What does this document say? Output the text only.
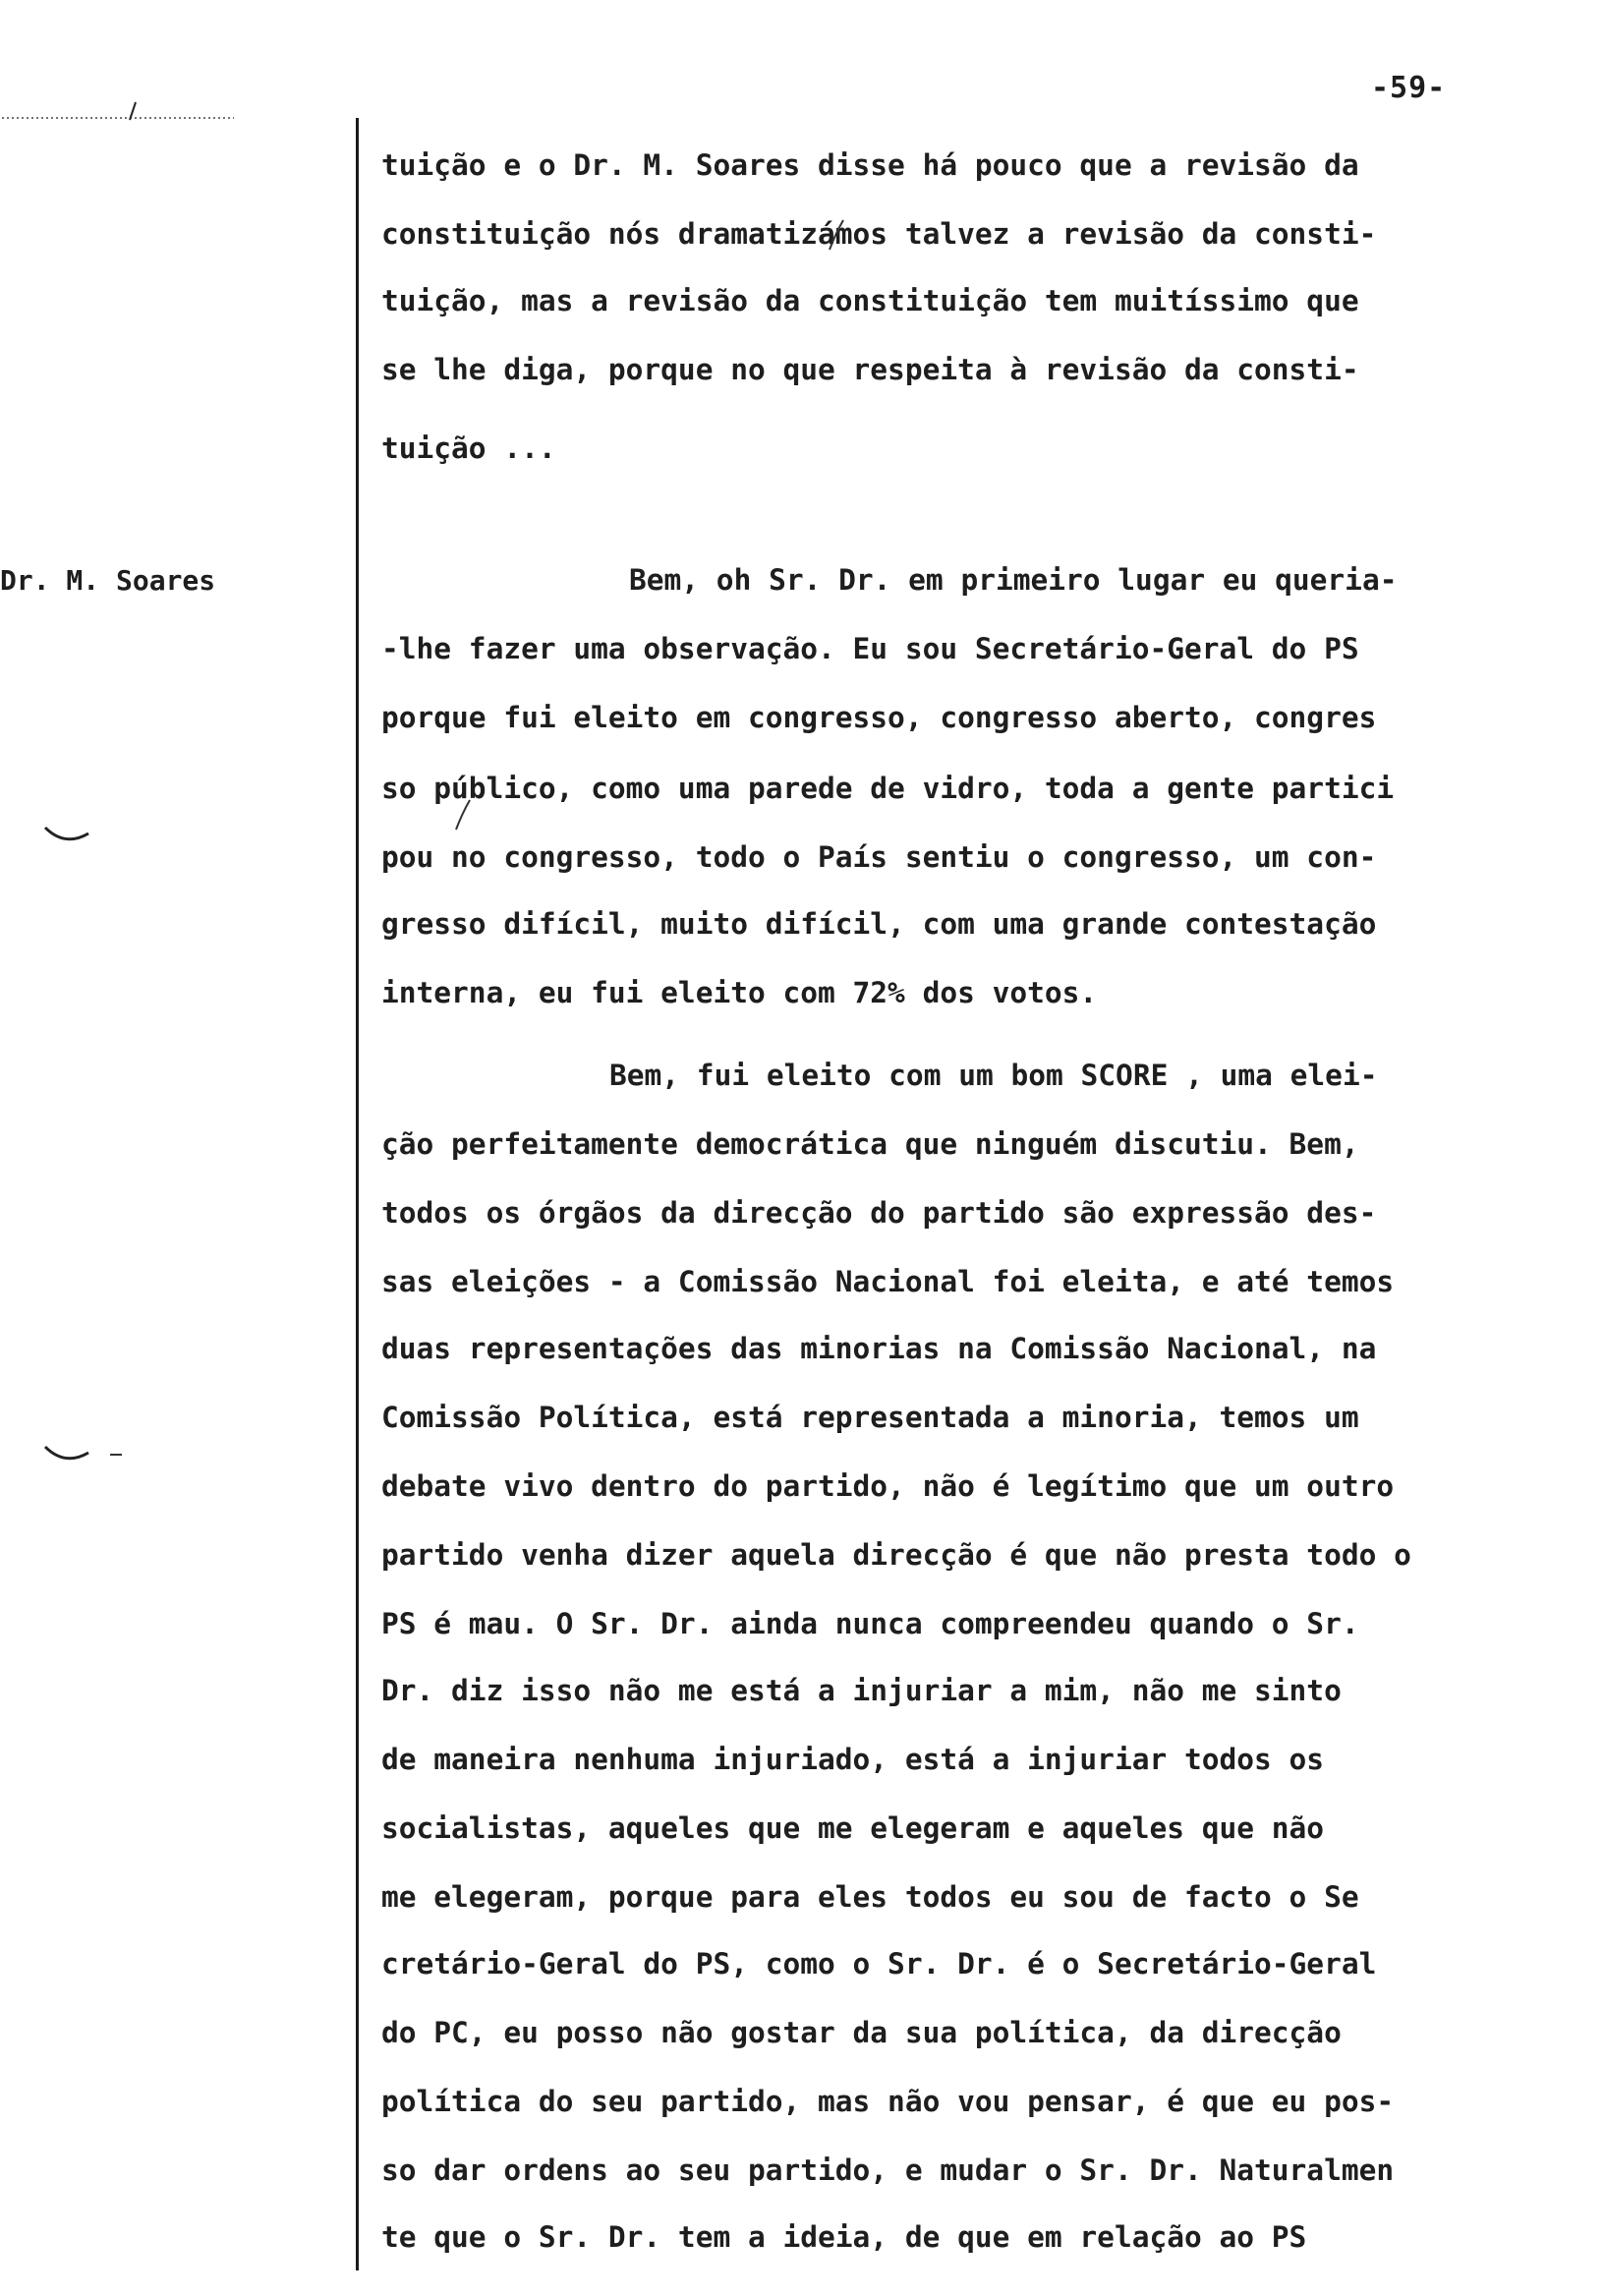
-59-
Dr. M. Soares
tuição e o Dr. M. Soares disse há pouco que a revisão da
constituição nós dramatizámos talvez a revisão da consti-
tuição, mas a revisão da constituição tem muitíssimo que
se lhe diga, porque no que respeita à revisão da consti-
tuição ...
Bem, oh Sr. Dr. em primeiro lugar eu queria-
-lhe fazer uma observação. Eu sou Secretário-Geral do PS
porque fui eleito em congresso, congresso aberto, congres
so público, como uma parede de vidro, toda a gente partici
pou no congresso, todo o País sentiu o congresso, um con-
gresso difícil, muito difícil, com uma grande contestação
interna, eu fui eleito com 72% dos votos.
Bem, fui eleito com um bom SCORE , uma elei-
ção perfeitamente democrática que ninguém discutiu. Bem,
todos os órgãos da direcção do partido são expressão des-
sas eleições - a Comissão Nacional foi eleita, e até temos
duas representações das minorias na Comissão Nacional, na
Comissão Política, está representada a minoria, temos um
debate vivo dentro do partido, não é legítimo que um outro
partido venha dizer aquela direcção é que não presta todo o
PS é mau. O Sr. Dr. ainda nunca compreendeu quando o Sr.
Dr. diz isso não me está a injuriar a mim, não me sinto
de maneira nenhuma injuriado, está a injuriar todos os
socialistas, aqueles que me elegeram e aqueles que não
me elegeram, porque para eles todos eu sou de facto o Se
cretário-Geral do PS, como o Sr. Dr. é o Secretário-Geral
do PC, eu posso não gostar da sua política, da direcção
política do seu partido, mas não vou pensar, é que eu pos-
so dar ordens ao seu partido, e mudar o Sr. Dr. Naturalmen
te que o Sr. Dr. tem a ideia, de que em relação ao PS
